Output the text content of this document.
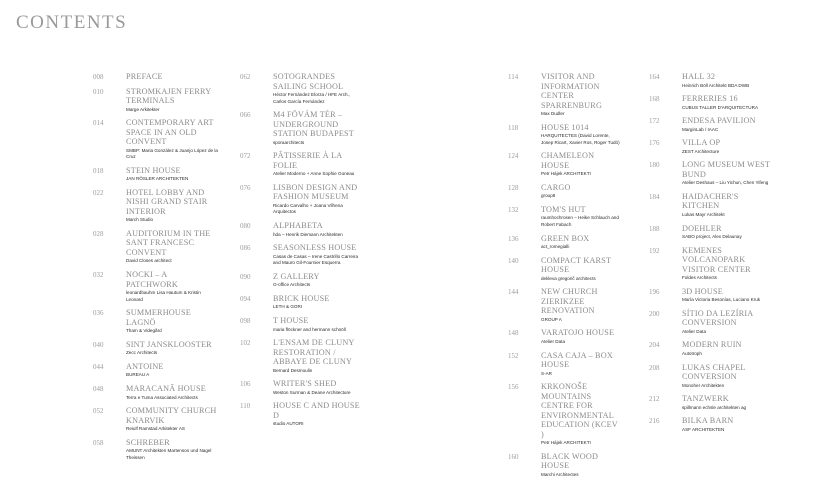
CONTENTS
008	PREFACE
010	STROMKAJEN FERRY TERMINALS
Marge Arkitekter
014	CONTEMPORARY ART SPACE IN AN OLD CONVENT
SMBP: Maria González & Juanjo López de la Cruz
018	STEIN HOUSE
JAN RÖSLER ARCHITEKTEN
022	HOTEL LOBBY AND NISHI GRAND STAIR INTERIOR
March Studio
028	AUDITORIUM IN THE SANT FRANCESC CONVENT
David Closes architect
032	NOCKI – A PATCHWORK
leonardbauhm Lisa Hautum & Kristin Leonard
036	SUMMERHOUSE LAGNÖ
Tham & Videgård
040	SINT JANSKLOOSTER
Zecc Architects
044	ANTOINE
BUREAU A
048	MARACANÃ HOUSE
Terra e Tuma Associated Architects
052	COMMUNITY CHURCH KNARVIK
Reiulf Ramstad Arkitekter AS
058	SCHREBER
AMUNT Architekten Martenson und Nagel Theissen
062	SOTOGRANDES SAILING SCHOOL
Héctor Fernández Elorza / HFE Arch., Carlos García Fernández
066	M4 FÖVÁM TÉR – UNDERGROUND STATION BUDAPEST
sporaarchitects
072	PÂTISSERIE À LA FOLIE
Atelier Moderno + Anne Sophie Goneau
076	LISBON DESIGN AND FASHION MUSEUM
Ricardo Carvalho + Joana Vilhena Arquitectos
080	ALPHABETA
hda – Henrik Diemann Architekten
086	SEASONLESS HOUSE
Casas de Casas – Irene Castrillo Carreira and Mauro Gil-Fournier Esquerra
090	Z GALLERY
O-office Architects
094	BRICK HOUSE
LETH & GORI
098	T HOUSE
maria flöckner and hermann schnöll
102	L'ENSAM DE CLUNY RESTORATION / ABBAYE DE CLUNY
Bernard Desmoulin
106	WRITER'S SHED
Weston Surman & Deane Architecture
110	HOUSE C AND HOUSE D
studio AUTORI
114	VISITOR AND INFORMATION CENTER SPARRENBURG
Max Dudler
118	HOUSE 1014
HARQUITECTES (David Lorente, Josep Ricart, Xavier Ros, Roger Tudó)
124	CHAMELEON HOUSE
Petr Hájek ARCHITEKTI
128	CARGO
group8
132	TOM'S HUT
raumhochrosen – Heike Schlauch and Robert Fabach
136	GREEN BOX
act_romegialli
140	COMPACT KARST HOUSE
dekleva gregorič architects
144	NEW CHURCH ZIERIKZEE RENOVATION
GROUP A
148	VARATOJO HOUSE
Atelier Data
152	CASA CAJA – BOX HOUSE
S-AR
156	KRKONOŠE MOUNTAINS CENTRE FOR ENVIRONMENTAL EDUCATION (KCEV )
Petr Hájek ARCHITEKTI
160	BLACK WOOD HOUSE
Marchi Architectes
164	HALL 32
Heinrich Böll Architekt BDA DWB
168	FERRERIES 16
CUBUS TALLER D'ARQUITECTURA
172	ENDESA PAVILION
MarginLab / IAAC
176	VILLA OP
ZEST Architecture
180	LONG MUSEUM WEST BUND
Atelier Deshaus – Liu Yichun, Chen Yifeng
184	HAIDACHER'S KITCHEN
Lukas Mayr Architekt
188	DOEHLER
SABO project, Alex Delaunay
192	KEMENES VOLCANOPARK VISITOR CENTER
Foldes Architects
196	3D HOUSE
María Victoria Besonías, Luciano Kruk
200	SÍTIO DA LEZÍRIA CONVERSION
Atelier Data
204	MODERN RUIN
Autotroph
208	LUKAS CHAPEL CONVERSION
Monoher Architekten
212	TANZWERK
spillmann echsle architekten ag
216	BILKA BARN
ASF ARCHITEKTEN
